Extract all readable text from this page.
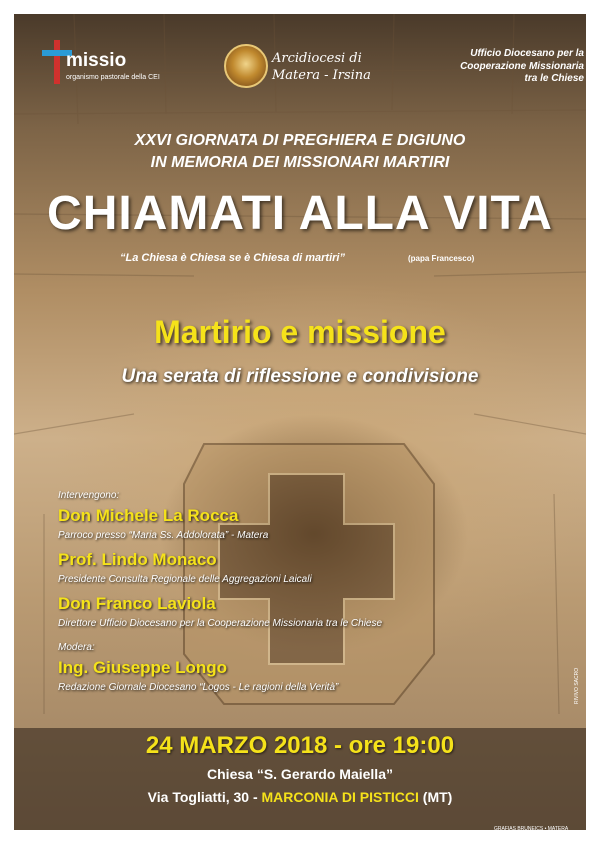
missio
organismo pastorale della CEI
Arcidiocesi di
Matera - Irsina
Ufficio Diocesano per la
Cooperazione Missionaria
tra le Chiese
XXVI GIORNATA DI PREGHIERA E DIGIUNO
IN MEMORIA DEI MISSIONARI MARTIRI
CHIAMATI ALLA VITA
“La Chiesa è Chiesa se è Chiesa di martiri”	(papa Francesco)
Martirio e missione
Una serata di riflessione e condivisione
Intervengono:
Don Michele La Rocca
Parroco presso “Maria Ss. Addolorata” - Matera
Prof. Lindo Monaco
Presidente Consulta Regionale delle Aggregazioni Laicali
Don Franco Laviola
Direttore Ufficio Diocesano per la Cooperazione Missionaria tra le Chiese
Modera:
Ing. Giuseppe Longo
Redazione Giornale Diocesano “Logos - Le ragioni della Verità”	RIVIVO SACRO
24 MARZO 2018 - ore 19:00
Chiesa “S. Gerardo Maiella”
Via Togliatti, 30 - MARCONIA DI PISTICCI (MT)
GRAFIAS BRUNEICS • MATERA
